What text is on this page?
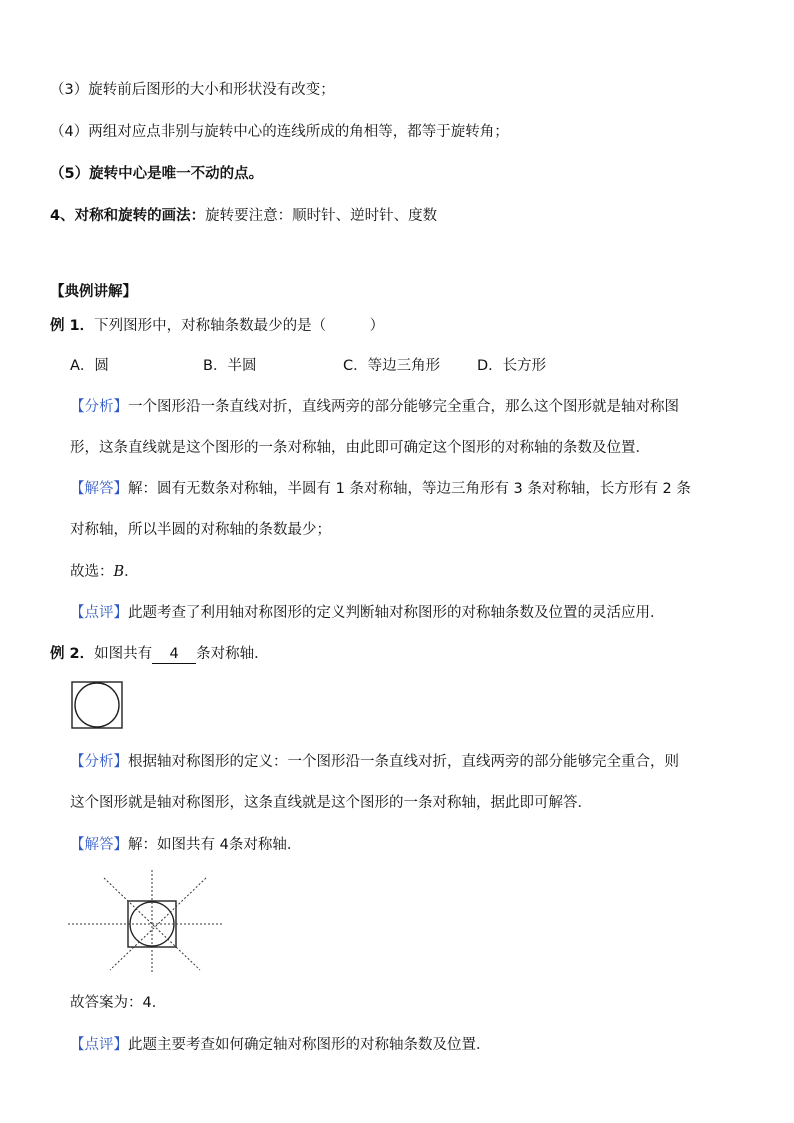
（3）旋转前后图形的大小和形状没有改变；
（4）两组对应点非别与旋转中心的连线所成的角相等，都等于旋转角；
（5）旋转中心是唯一不动的点。
4、对称和旋转的画法：旋转要注意：顺时针、逆时针、度数
【典例讲解】
例 1．下列图形中，对称轴条数最少的是（　　　）
A．圆	B．半圆	C．等边三角形	D．长方形
【分析】一个图形沿一条直线对折，直线两旁的部分能够完全重合，那么这个图形就是轴对称图
形，这条直线就是这个图形的一条对称轴，由此即可确定这个图形的对称轴的条数及位置．
【解答】解：圆有无数条对称轴，半圆有 1 条对称轴，等边三角形有 3 条对称轴，长方形有 2 条
对称轴，所以半圆的对称轴的条数最少；
故选：B．
【点评】此题考查了利用轴对称图形的定义判断轴对称图形的对称轴条数及位置的灵活应用．
例 2．如图共有 4 条对称轴．
【分析】根据轴对称图形的定义：一个图形沿一条直线对折，直线两旁的部分能够完全重合，则
这个图形就是轴对称图形，这条直线就是这个图形的一条对称轴，据此即可解答．
【解答】解：如图共有 4条对称轴．
故答案为：4．
【点评】此题主要考查如何确定轴对称图形的对称轴条数及位置．
